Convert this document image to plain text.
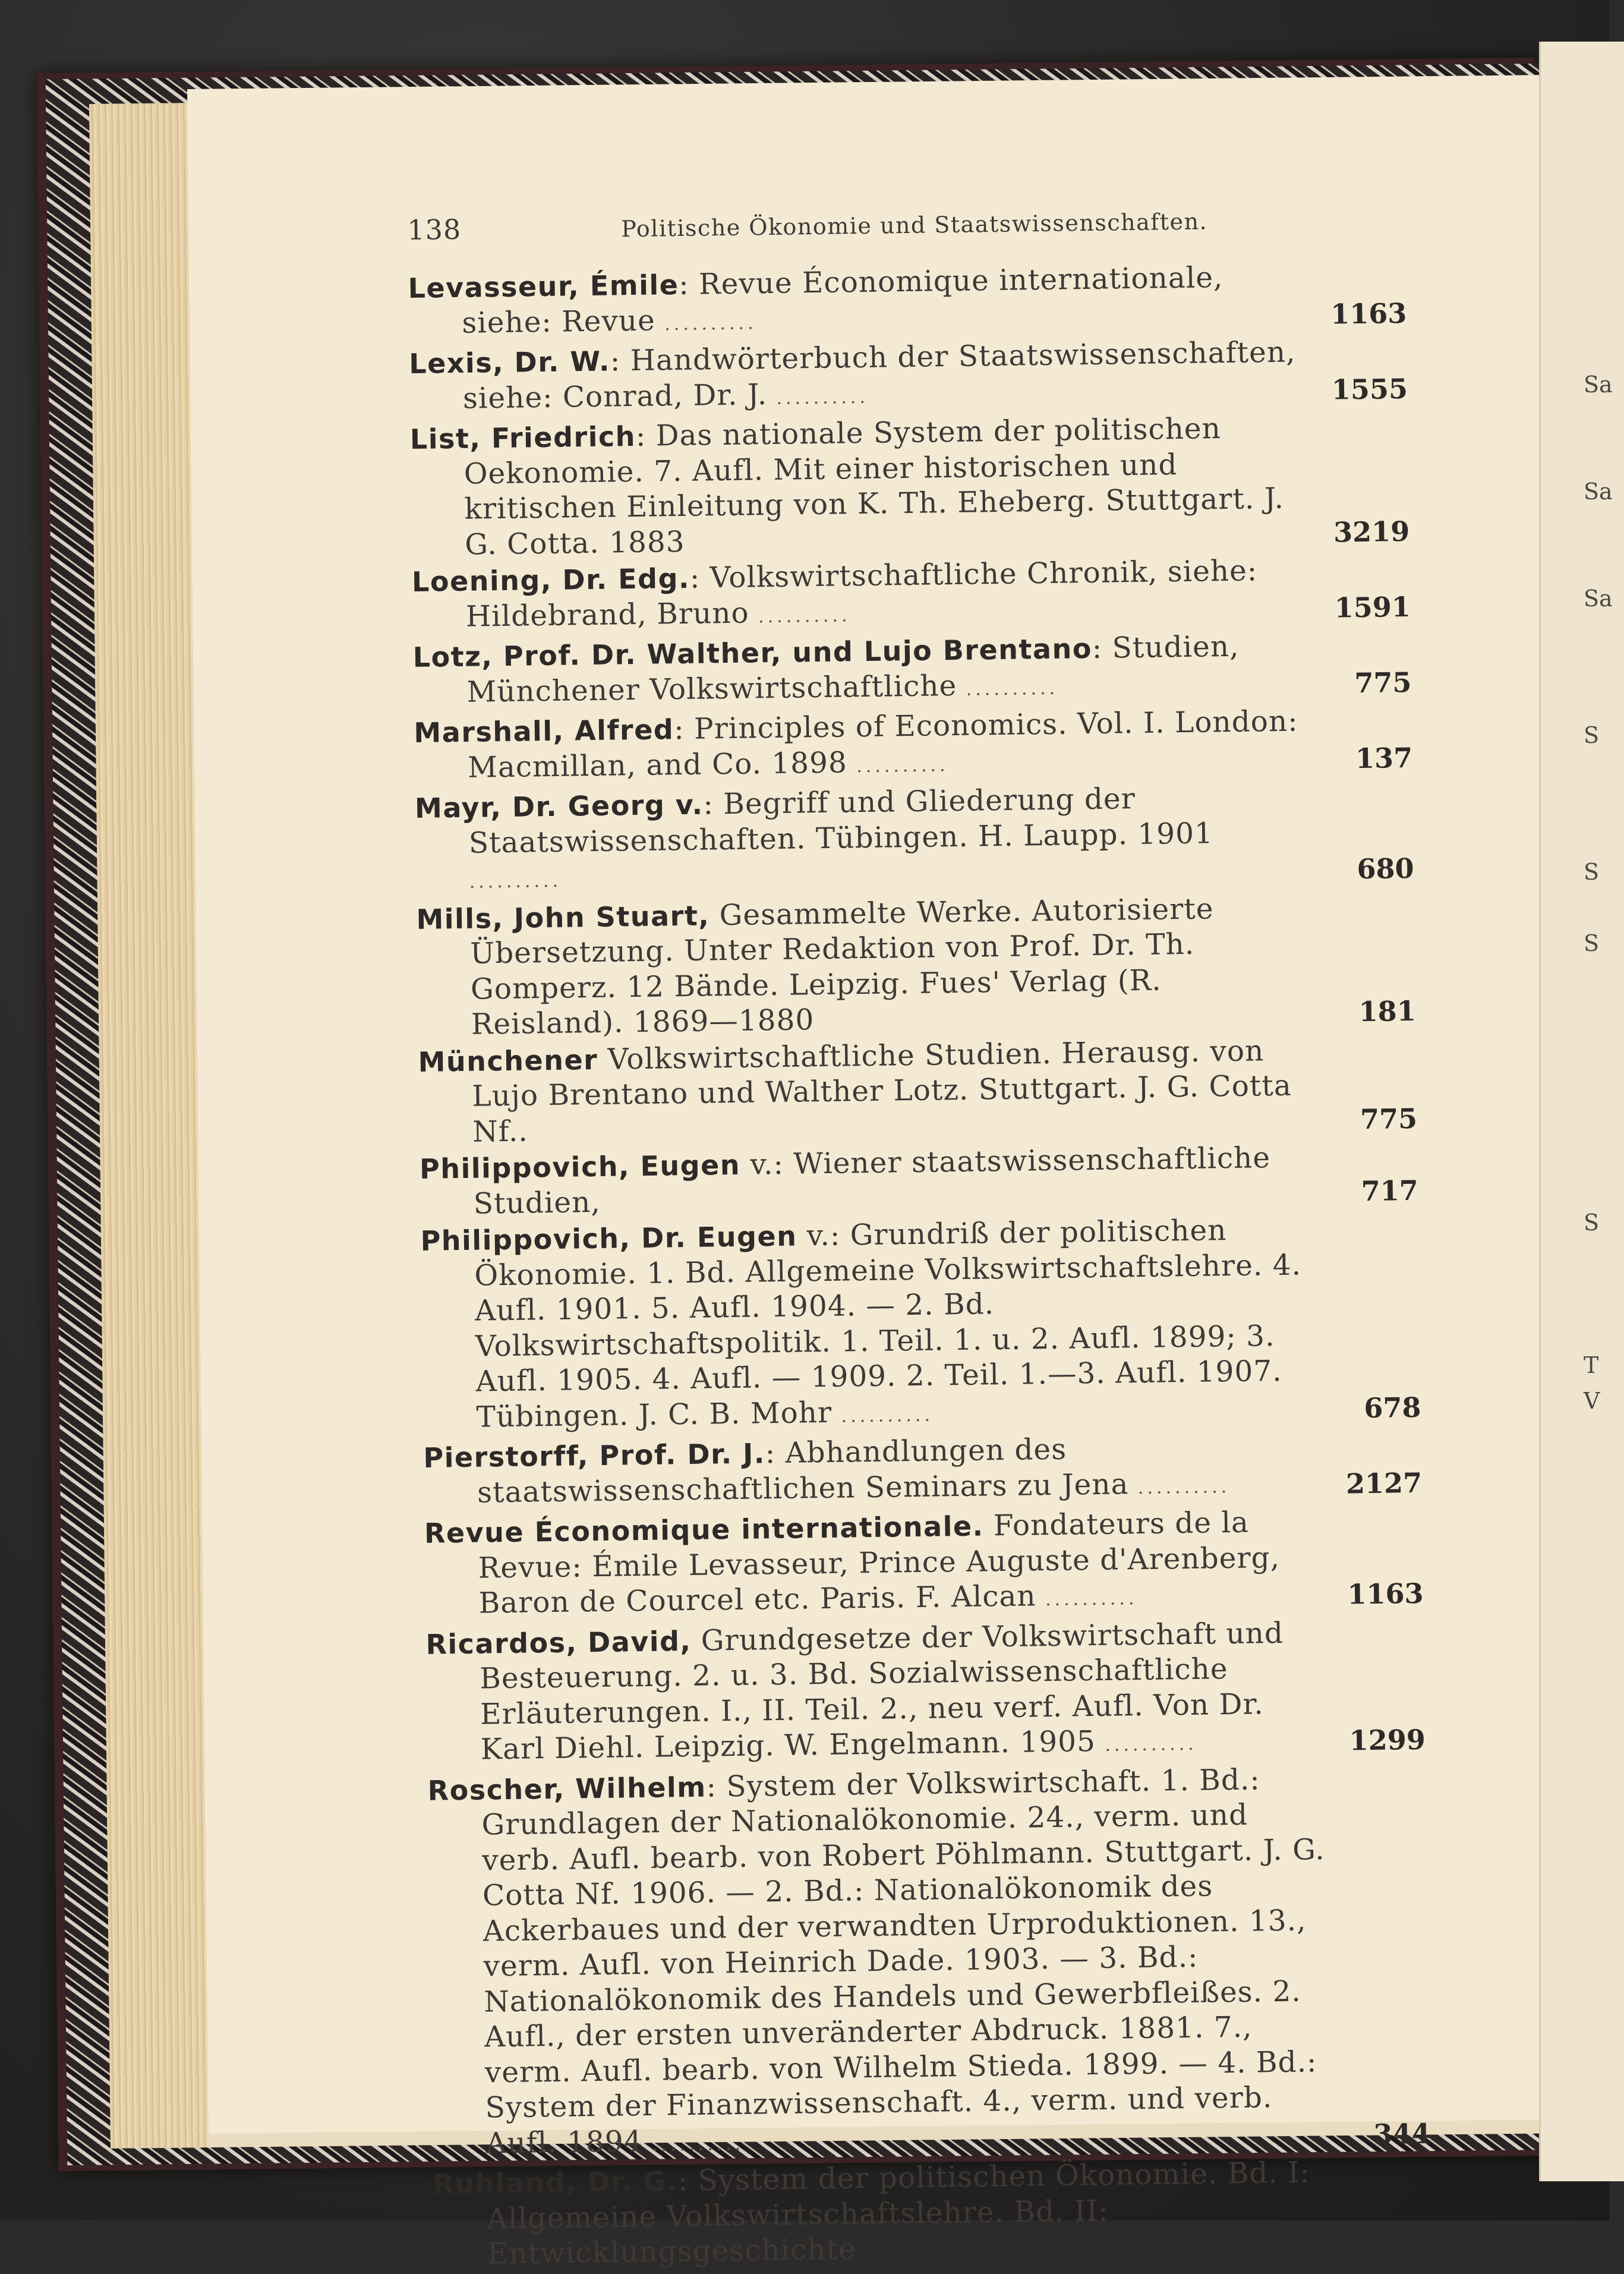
Sa
Sa
Sa
S
S
S
S
T
V
138	Politische Ökonomie und Staatswissenschaften.
Levasseur, Émile: Revue Économique internationale, siehe: Revue ..........	1163
Lexis, Dr. W.: Handwörterbuch der Staatswissenschaften, siehe: Conrad, Dr. J. ..........	1555
List, Friedrich: Das nationale System der politischen Oekonomie. 7. Aufl. Mit einer historischen und kritischen Einleitung von K. Th. Eheberg. Stuttgart. J. G. Cotta. 1883	3219
Loening, Dr. Edg.: Volkswirtschaftliche Chronik, siehe: Hildebrand, Bruno ..........	1591
Lotz, Prof. Dr. Walther, und Lujo Brentano: Studien, Münchener Volkswirtschaftliche ..........	775
Marshall, Alfred: Principles of Economics. Vol. I. London: Macmillan, and Co. 1898 ..........	137
Mayr, Dr. Georg v.: Begriff und Gliederung der Staatswissenschaften. Tübingen. H. Laupp. 1901 ..........	680
Mills, John Stuart, Gesammelte Werke. Autorisierte Übersetzung. Unter Redaktion von Prof. Dr. Th. Gomperz. 12 Bände. Leipzig. Fues' Verlag (R. Reisland). 1869—1880	181
Münchener Volkswirtschaftliche Studien. Herausg. von Lujo Brentano und Walther Lotz. Stuttgart. J. G. Cotta Nf..	775
Philippovich, Eugen v.: Wiener staatswissenschaftliche Studien,	717
Philippovich, Dr. Eugen v.: Grundriß der politischen Ökonomie. 1. Bd. Allgemeine Volkswirtschaftslehre. 4. Aufl. 1901. 5. Aufl. 1904. — 2. Bd. Volkswirtschaftspolitik. 1. Teil. 1. u. 2. Aufl. 1899; 3. Aufl. 1905. 4. Aufl. — 1909. 2. Teil. 1.—3. Aufl. 1907. Tübingen. J. C. B. Mohr ..........	678
Pierstorff, Prof. Dr. J.: Abhandlungen des staatswissenschaftlichen Seminars zu Jena ..........	2127
Revue Économique internationale. Fondateurs de la Revue: Émile Levasseur, Prince Auguste d'Arenberg, Baron de Courcel etc. Paris. F. Alcan ..........	1163
Ricardos, David, Grundgesetze der Volkswirtschaft und Besteuerung. 2. u. 3. Bd. Sozialwissenschaftliche Erläuterungen. I., II. Teil. 2., neu verf. Aufl. Von Dr. Karl Diehl. Leipzig. W. Engelmann. 1905 ..........	1299
Roscher, Wilhelm: System der Volkswirtschaft. 1. Bd.: Grundlagen der Nationalökonomie. 24., verm. und verb. Aufl. bearb. von Robert Pöhlmann. Stuttgart. J. G. Cotta Nf. 1906. — 2. Bd.: Nationalökonomik des Ackerbaues und der verwandten Urproduktionen. 13., verm. Aufl. von Heinrich Dade. 1903. — 3. Bd.: Nationalökonomik des Handels und Gewerbfleißes. 2. Aufl., der ersten unveränderter Abdruck. 1881. 7., verm. Aufl. bearb. von Wilhelm Stieda. 1899. — 4. Bd.: System der Finanzwissenschaft. 4., verm. und verb. Aufl. 1894 ..........	344
Ruhland, Dr. G.: System der politischen Ökonomie. Bd. I: Allgemeine Volkswirtschaftslehre. Bd. II: Entwicklungsgeschichte
